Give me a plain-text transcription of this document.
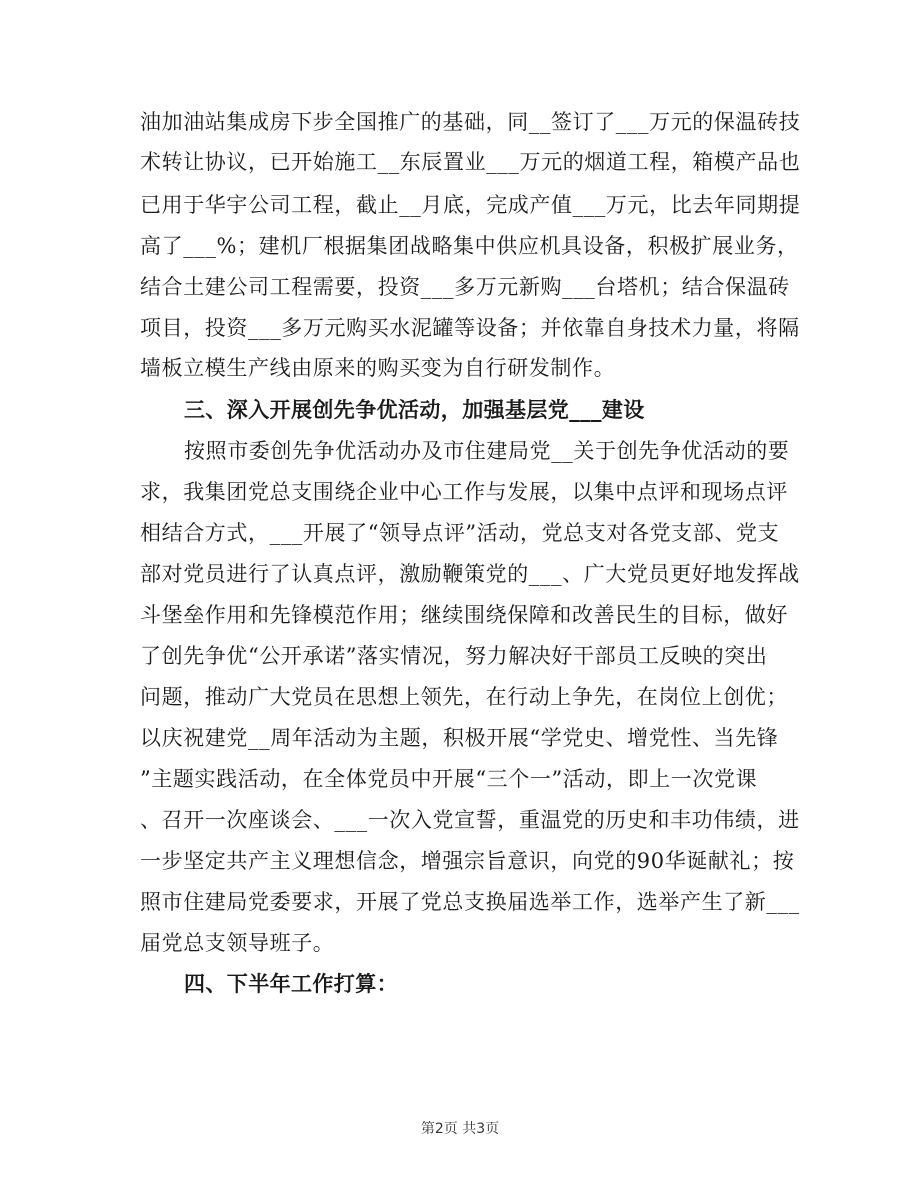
油加油站集成房下步全国推广的基础，同__签订了___万元的保温砖技
术转让协议，已开始施工__东辰置业___万元的烟道工程，箱模产品也
已用于华宇公司工程，截止__月底，完成产值___万元，比去年同期提
高了___%；建机厂根据集团战略集中供应机具设备，积极扩展业务，
结合土建公司工程需要，投资___多万元新购___台塔机；结合保温砖
项目，投资___多万元购买水泥罐等设备；并依靠自身技术力量，将隔
墙板立模生产线由原来的购买变为自行研发制作。
三、深入开展创先争优活动，加强基层党___建设
按照市委创先争优活动办及市住建局党__关于创先争优活动的要
求，我集团党总支围绕企业中心工作与发展，以集中点评和现场点评
相结合方式，___开展了“领导点评”活动，党总支对各党支部、党支
部对党员进行了认真点评，激励鞭策党的___、广大党员更好地发挥战
斗堡垒作用和先锋模范作用；继续围绕保障和改善民生的目标，做好
了创先争优“公开承诺”落实情况，努力解决好干部员工反映的突出
问题，推动广大党员在思想上领先，在行动上争先，在岗位上创优；
以庆祝建党__周年活动为主题，积极开展“学党史、增党性、当先锋
”主题实践活动，在全体党员中开展“三个一”活动，即上一次党课
、召开一次座谈会、___一次入党宣誓，重温党的历史和丰功伟绩，进
一步坚定共产主义理想信念，增强宗旨意识，向党的90华诞献礼；按
照市住建局党委要求，开展了党总支换届选举工作，选举产生了新___
届党总支领导班子。
四、下半年工作打算：
第2页 共3页
